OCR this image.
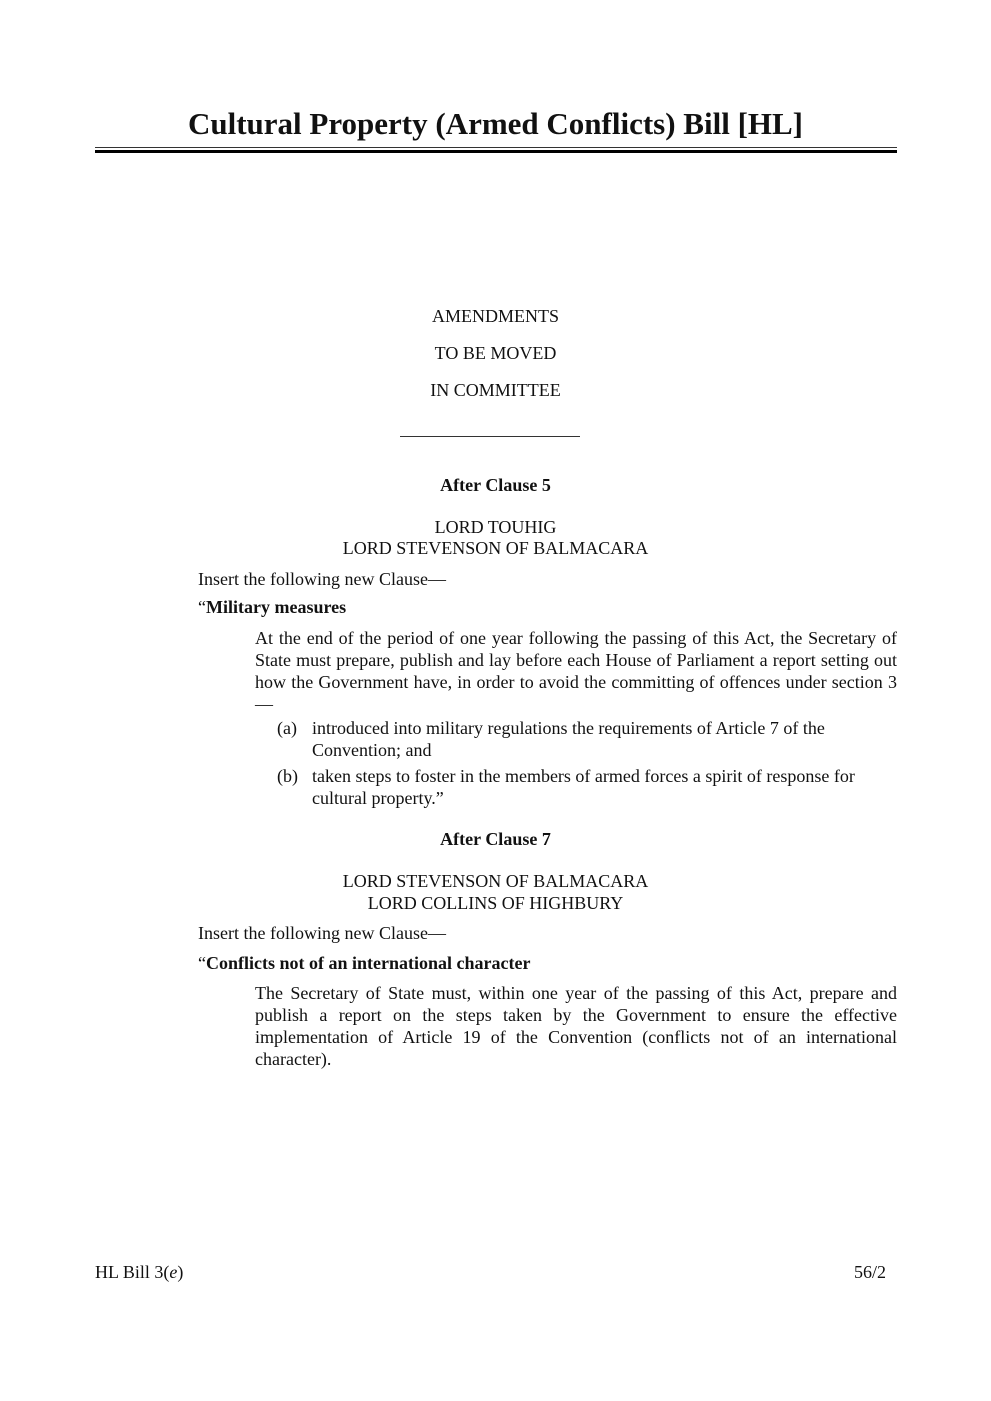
Cultural Property (Armed Conflicts) Bill [HL]
AMENDMENTS
TO BE MOVED
IN COMMITTEE
After Clause 5
LORD TOUHIG
LORD STEVENSON OF BALMACARA
Insert the following new Clause—
“Military measures
At the end of the period of one year following the passing of this Act, the Secretary of State must prepare, publish and lay before each House of Parliament a report setting out how the Government have, in order to avoid the committing of offences under section 3—
(a) introduced into military regulations the requirements of Article 7 of the Convention; and
(b) taken steps to foster in the members of armed forces a spirit of response for cultural property.”
After Clause 7
LORD STEVENSON OF BALMACARA
LORD COLLINS OF HIGHBURY
Insert the following new Clause—
“Conflicts not of an international character
The Secretary of State must, within one year of the passing of this Act, prepare and publish a report on the steps taken by the Government to ensure the effective implementation of Article 19 of the Convention (conflicts not of an international character).
HL Bill 3(e)	56/2
